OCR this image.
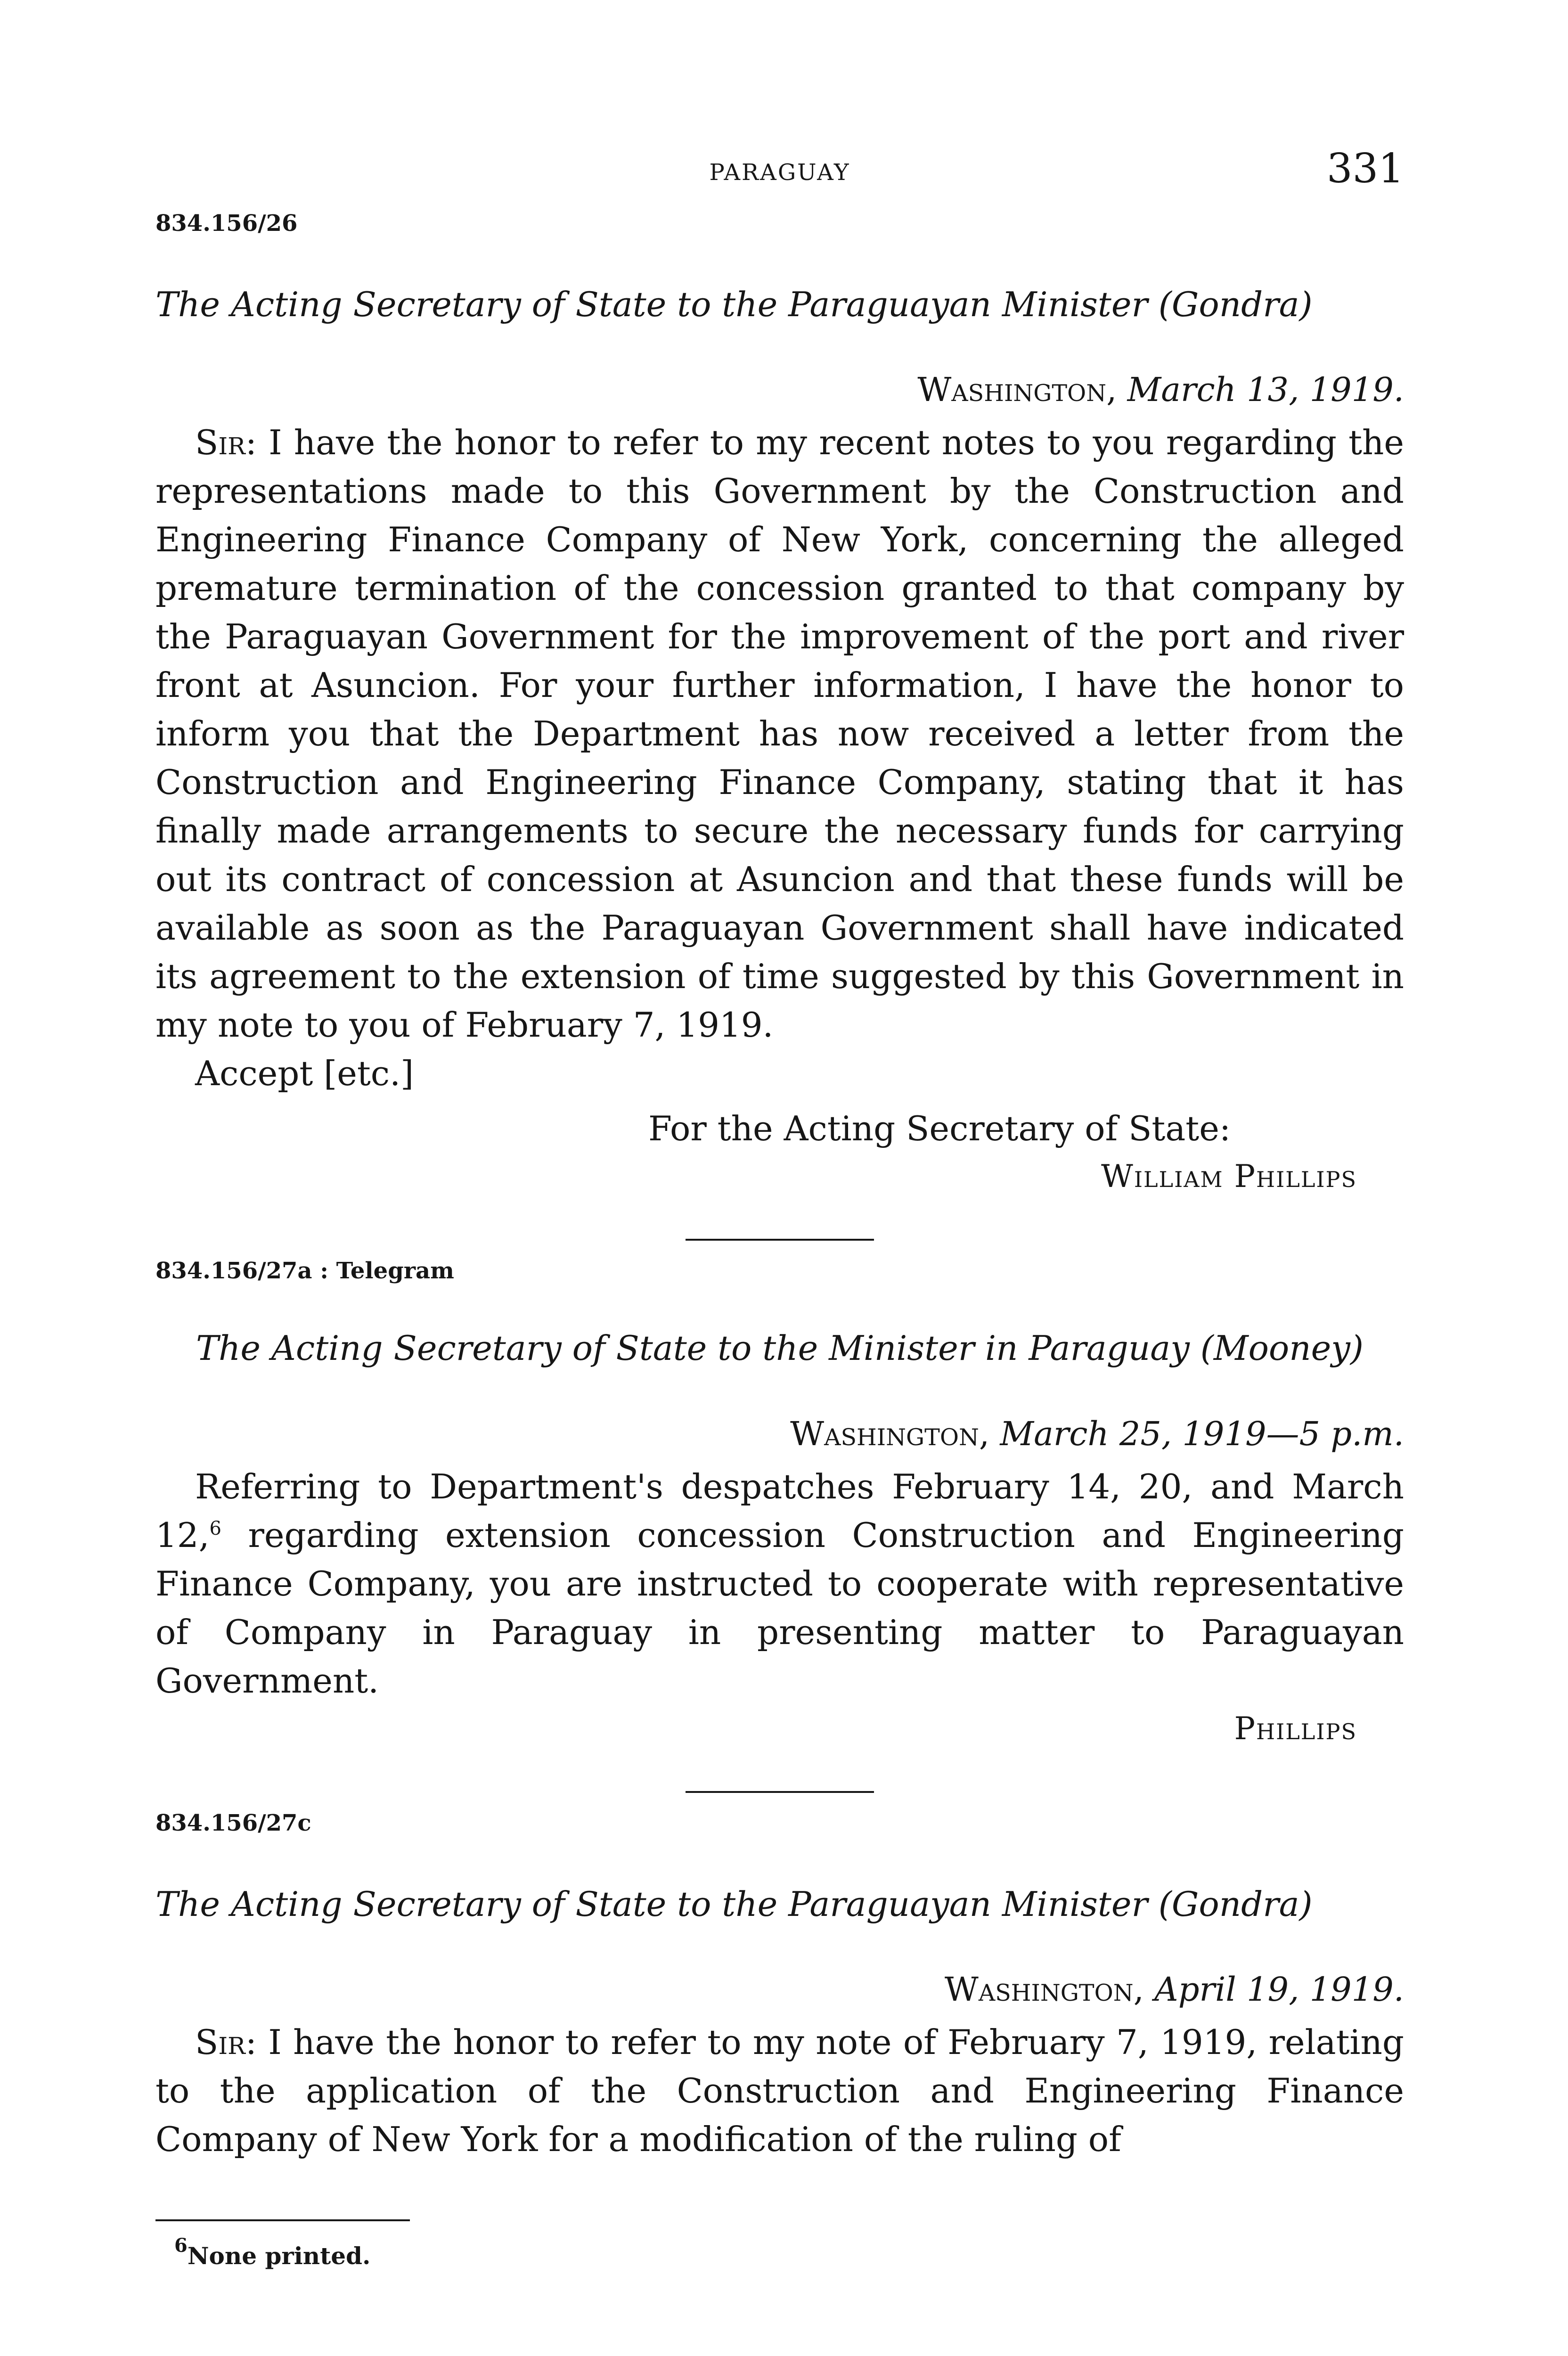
PARAGUAY	331
834.156/26
The Acting Secretary of State to the Paraguayan Minister (Gondra)
Washington, March 13, 1919.
Sir: I have the honor to refer to my recent notes to you regarding the representations made to this Government by the Construction and Engineering Finance Company of New York, concerning the alleged premature termination of the concession granted to that company by the Paraguayan Government for the improvement of the port and river front at Asuncion. For your further information, I have the honor to inform you that the Department has now received a letter from the Construction and Engineering Finance Company, stating that it has finally made arrangements to secure the necessary funds for carrying out its contract of concession at Asuncion and that these funds will be available as soon as the Paraguayan Government shall have indicated its agreement to the extension of time suggested by this Government in my note to you of February 7, 1919.
Accept [etc.]
For the Acting Secretary of State:
William Phillips
834.156/27a : Telegram
The Acting Secretary of State to the Minister in Paraguay (Mooney)
Washington, March 25, 1919—5 p.m.
Referring to Department's despatches February 14, 20, and March 12,$^6$ regarding extension concession Construction and Engineering Finance Company, you are instructed to cooperate with representative of Company in Paraguay in presenting matter to Paraguayan Government.
Phillips
834.156/27c
The Acting Secretary of State to the Paraguayan Minister (Gondra)
Washington, April 19, 1919.
Sir: I have the honor to refer to my note of February 7, 1919, relating to the application of the Construction and Engineering Finance Company of New York for a modification of the ruling of
$^6$None printed.
